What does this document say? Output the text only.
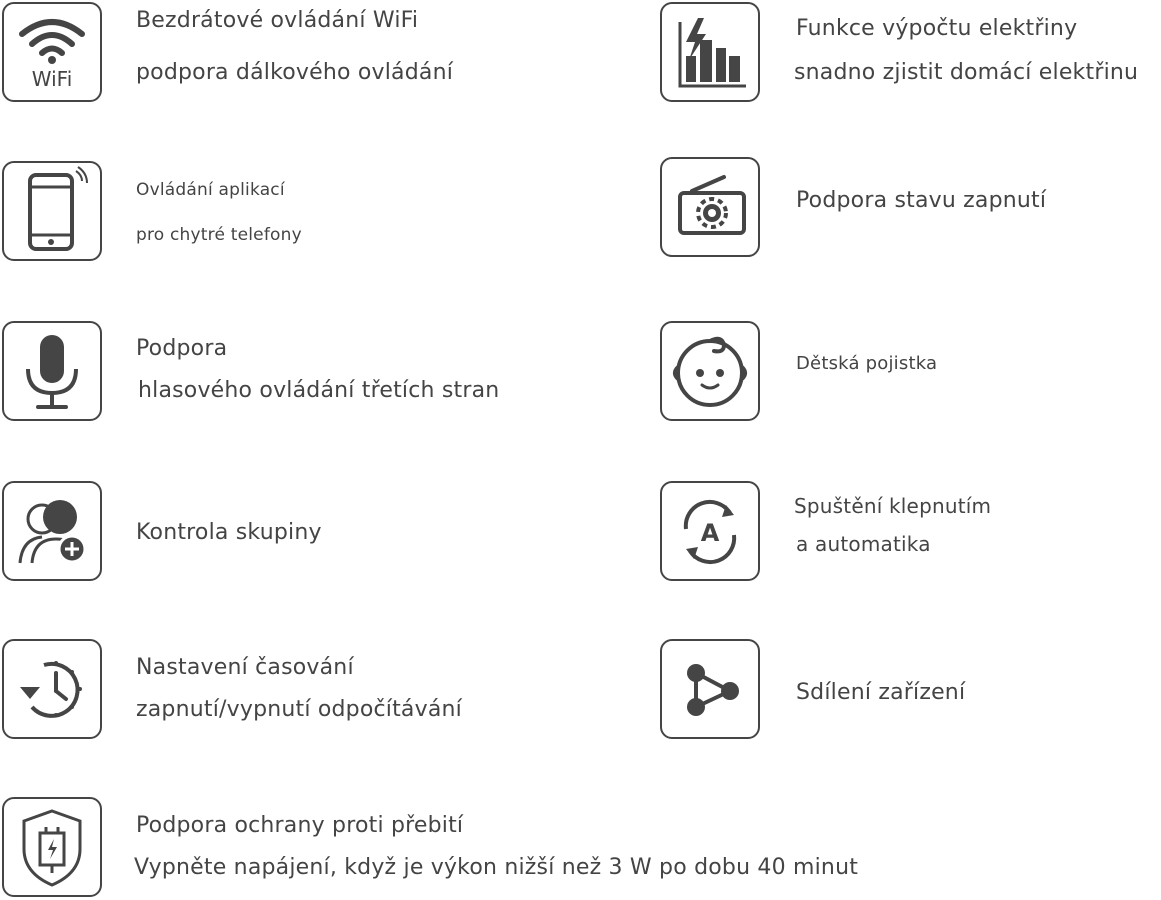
WiFi
Bezdrátové ovládání WiFi
podpora dálkového ovládání
Funkce výpočtu elektřiny
snadno zjistit domácí elektřinu
Ovládání aplikací
pro chytré telefony
Podpora stavu zapnutí
Podpora
hlasového ovládání třetích stran
Dětská pojistka
Kontrola skupiny	A
Spuštění klepnutím
a automatika
Nastavení časování
zapnutí/vypnutí odpočítávání
Sdílení zařízení
Podpora ochrany proti přebití
Vypněte napájení, když je výkon nižší než 3 W po dobu 40 minut
